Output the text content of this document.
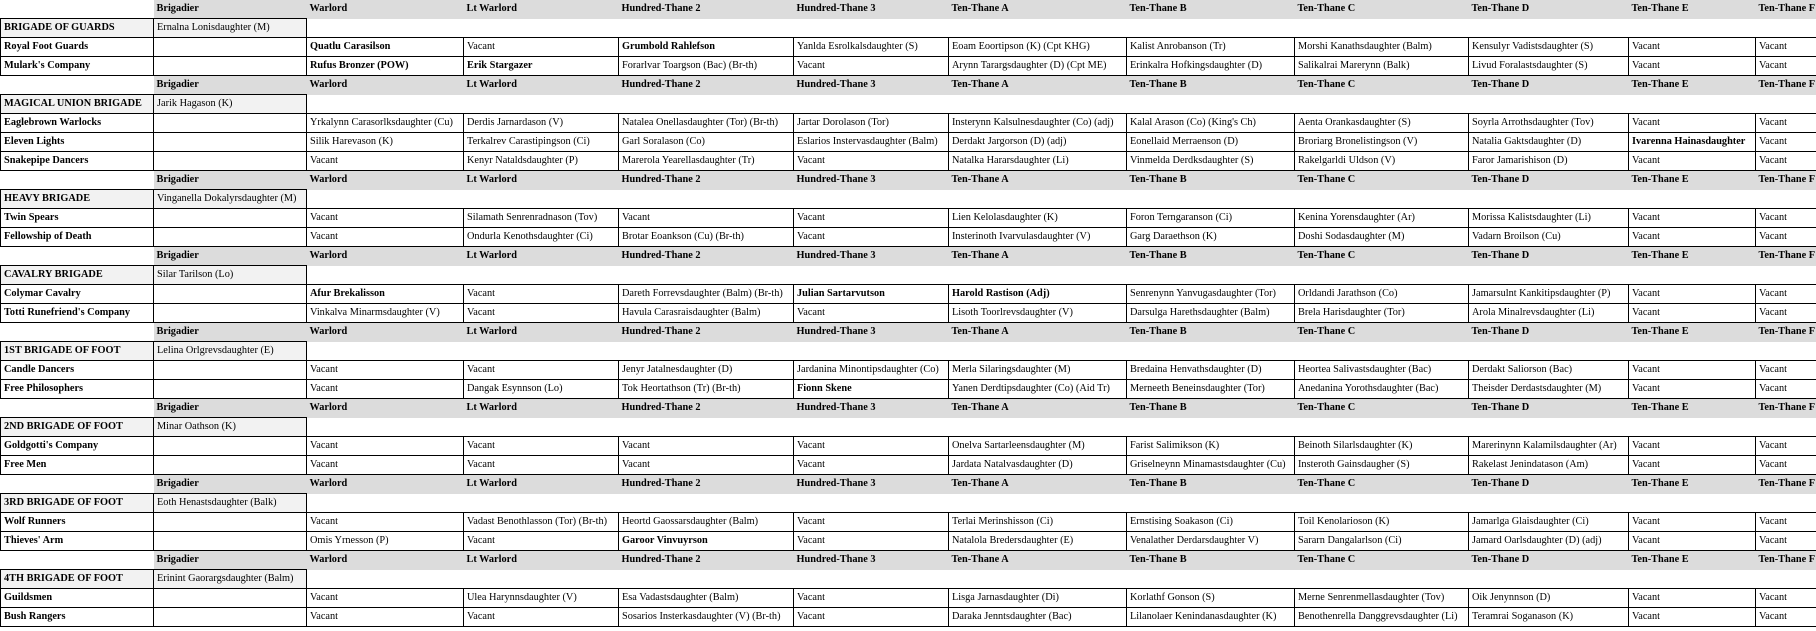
	Brigadier	Warlord	Lt Warlord	Hundred-Thane 2	Hundred-Thane 3	Ten-Thane A	Ten-Thane B	Ten-Thane C	Ten-Thane D	Ten-Thane E	Ten-Thane F
BRIGADE OF GUARDS	Ernalna Lonisdaughter (M)										
Royal Foot Guards		Quatlu Carasilson	Vacant	Grumbold Rahlefson	Yanlda Esrolkalsdaughter (S)	Eoam Eoortipson (K) (Cpt KHG)	Kalist Anrobanson (Tr)	Morshi Kanathsdaughter (Balm)	Kensulyr Vadistsdaughter (S)	Vacant	Vacant
Mulark's Company		Rufus Bronzer (POW)	Erik Stargazer	Forarlvar Toargson (Bac) (Br-th)	Vacant	Arynn Tarargsdaughter (D) (Cpt ME)	Erinkalra Hofkingsdaughter (D)	Salikalrai Marerynn (Balk)	Livud Foralastsdaughter (S)	Vacant	Vacant
	Brigadier	Warlord	Lt Warlord	Hundred-Thane 2	Hundred-Thane 3	Ten-Thane A	Ten-Thane B	Ten-Thane C	Ten-Thane D	Ten-Thane E	Ten-Thane F
MAGICAL UNION BRIGADE	Jarik Hagason (K)										
Eaglebrown Warlocks		Yrkalynn Carasorlksdaughter (Cu)	Derdis Jarnardason (V)	Natalea Onellasdaughter (Tor) (Br-th)	Jartar Dorolason (Tor)	Insterynn Kalsulnesdaughter (Co) (adj)	Kalal Arason (Co) (King's Ch)	Aenta Orankasdaughter (S)	Soyrla Arrothsdaughter (Tov)	Vacant	Vacant
Eleven Lights		Silik Harevason (K)	Terkalrev Carastipingson (Ci)	Garl Soralason (Co)	Eslarios Instervasdaughter (Balm)	Derdakt Jargorson (D) (adj)	Eonellaid Merraenson (D)	Broriarg Bronelistingson (V)	Natalia Gaktsdaughter (D)	Ivarenna Hainasdaughter	Vacant
Snakepipe Dancers		Vacant	Kenyr Nataldsdaughter (P)	Marerola Yearellasdaughter (Tr)	Vacant	Natalka Hararsdaughter (Li)	Vinmelda Derdksdaughter (S)	Rakelgarldi Uldson (V)	Faror Jamarishison (D)	Vacant	Vacant
	Brigadier	Warlord	Lt Warlord	Hundred-Thane 2	Hundred-Thane 3	Ten-Thane A	Ten-Thane B	Ten-Thane C	Ten-Thane D	Ten-Thane E	Ten-Thane F
HEAVY BRIGADE	Vinganella Dokalyrsdaughter (M)										
Twin Spears		Vacant	Silamath Senrenradnason (Tov)	Vacant	Vacant	Lien Kelolasdaughter (K)	Foron Terngaranson (Ci)	Kenina Yorensdaughter (Ar)	Morissa Kalistsdaughter (Li)	Vacant	Vacant
Fellowship of Death		Vacant	Ondurla Kenothsdaughter (Ci)	Brotar Eoankson (Cu) (Br-th)	Vacant	Insterinoth Ivarvulasdaughter (V)	Garg Daraethson (K)	Doshi Sodasdaughter (M)	Vadarn Broilson (Cu)	Vacant	Vacant
	Brigadier	Warlord	Lt Warlord	Hundred-Thane 2	Hundred-Thane 3	Ten-Thane A	Ten-Thane B	Ten-Thane C	Ten-Thane D	Ten-Thane E	Ten-Thane F
CAVALRY BRIGADE	Silar Tarilson (Lo)										
Colymar Cavalry		Afur Brekalisson	Vacant	Dareth Forrevsdaughter (Balm) (Br-th)	Julian Sartarvutson	Harold Rastison (Adj)	Senrenynn Yanvugasdaughter (Tor)	Orldandi Jarathson (Co)	Jamarsulnt Kankitipsdaughter (P)	Vacant	Vacant
Totti Runefriend's Company		Vinkalva Minarmsdaughter (V)	Vacant	Havula Carasraisdaughter (Balm)	Vacant	Lisoth Toorlrevsdaughter (V)	Darsulga Harethsdaughter (Balm)	Brela Harisdaughter (Tor)	Arola Minalrevsdaughter (Li)	Vacant	Vacant
	Brigadier	Warlord	Lt Warlord	Hundred-Thane 2	Hundred-Thane 3	Ten-Thane A	Ten-Thane B	Ten-Thane C	Ten-Thane D	Ten-Thane E	Ten-Thane F
1ST BRIGADE OF FOOT	Lelina Orlgrevsdaughter (E)										
Candle Dancers		Vacant	Vacant	Jenyr Jatalnesdaughter (D)	Jardanina Minontipsdaughter (Co)	Merla Silaringsdaughter (M)	Bredaina Henvathsdaughter (D)	Heortea Salivastsdaughter (Bac)	Derdakt Saliorson (Bac)	Vacant	Vacant
Free Philosophers		Vacant	Dangak Esynnson (Lo)	Tok Heortathson (Tr) (Br-th)	Fionn Skene	Yanen Derdtipsdaughter (Co) (Aid Tr)	Merneeth Beneinsdaughter (Tor)	Anedanina Yorothsdaughter (Bac)	Theisder Derdastsdaughter (M)	Vacant	Vacant
	Brigadier	Warlord	Lt Warlord	Hundred-Thane 2	Hundred-Thane 3	Ten-Thane A	Ten-Thane B	Ten-Thane C	Ten-Thane D	Ten-Thane E	Ten-Thane F
2ND BRIGADE OF FOOT	Minar Oathson (K)										
Goldgotti's Company		Vacant	Vacant	Vacant	Vacant	Onelva Sartarleensdaughter (M)	Farist Salimikson (K)	Beinoth Silarlsdaughter (K)	Marerinynn Kalamilsdaughter (Ar)	Vacant	Vacant
Free Men		Vacant	Vacant	Vacant	Vacant	Jardata Natalvasdaughter (D)	Griselneynn Minamastsdaughter (Cu)	Insteroth Gainsdaugher (S)	Rakelast Jenindatason (Am)	Vacant	Vacant
	Brigadier	Warlord	Lt Warlord	Hundred-Thane 2	Hundred-Thane 3	Ten-Thane A	Ten-Thane B	Ten-Thane C	Ten-Thane D	Ten-Thane E	Ten-Thane F
3RD BRIGADE OF FOOT	Eoth Henastsdaughter (Balk)										
Wolf Runners		Vacant	Vadast Benothlasson (Tor) (Br-th)	Heortd Gaossarsdaughter (Balm)	Vacant	Terlai Merinshisson (Ci)	Ernstising Soakason (Ci)	Toil Kenolarioson (K)	Jamarlga Glaisdaughter (Ci)	Vacant	Vacant
Thieves' Arm		Omis Yrnesson (P)	Vacant	Garoor Vinvuyrson	Vacant	Natalola Bredersdaughter (E)	Venalather Derdarsdaughter V)	Sararn Dangalarlson (Ci)	Jamard Oarlsdaughter (D) (adj)	Vacant	Vacant
	Brigadier	Warlord	Lt Warlord	Hundred-Thane 2	Hundred-Thane 3	Ten-Thane A	Ten-Thane B	Ten-Thane C	Ten-Thane D	Ten-Thane E	Ten-Thane F
4TH BRIGADE OF FOOT	Erinint Gaorargsdaughter (Balm)										
Guildsmen		Vacant	Ulea Harynnsdaughter (V)	Esa Vadastsdaughter (Balm)	Vacant	Lisga Jarnasdaughter (Di)	Korlathf Gonson (S)	Merne Senrenmellasdaughter (Tov)	Oik Jenynnson (D)	Vacant	Vacant
Bush Rangers		Vacant	Vacant	Sosarios Insterkasdaughter (V) (Br-th)	Vacant	Daraka Jenntsdaughter (Bac)	Lilanolaer Kenindanasdaughter (K)	Benothenrella Danggrevsdaughter (Li)	Teramrai Soganason (K)	Vacant	Vacant
